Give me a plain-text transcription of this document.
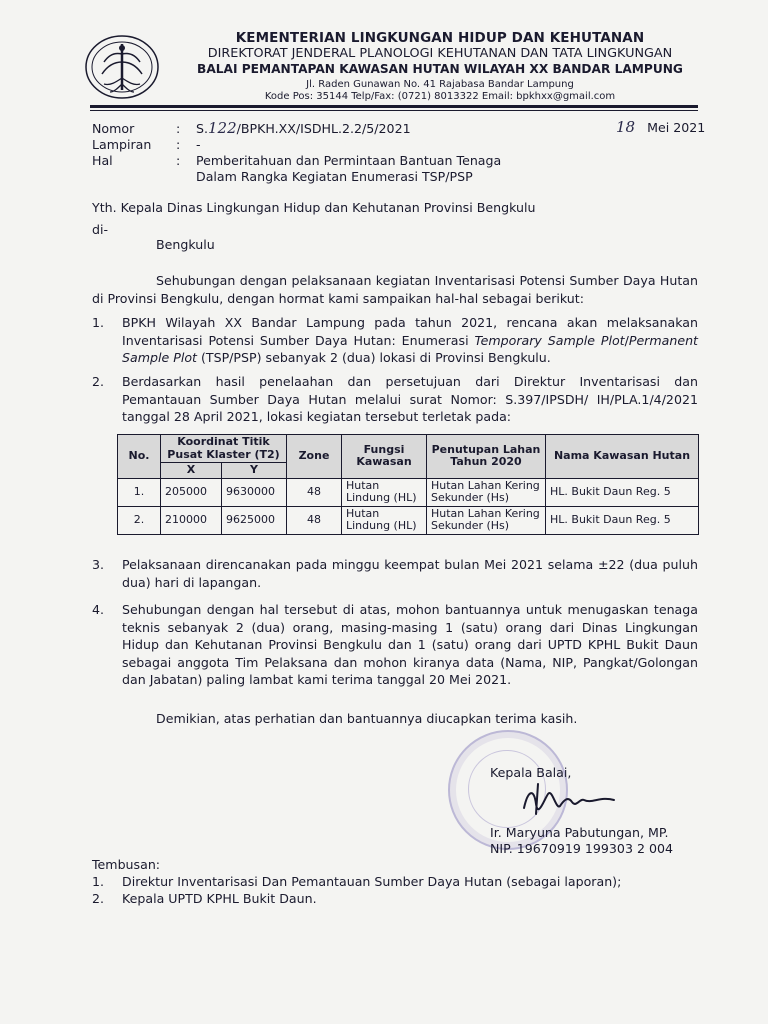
KEMENTERIAN LINGKUNGAN HIDUP DAN KEHUTANAN
DIREKTORAT JENDERAL PLANOLOGI KEHUTANAN DAN TATA LINGKUNGAN
BALAI PEMANTAPAN KAWASAN HUTAN WILAYAH XX BANDAR LAMPUNG
Jl. Raden Gunawan No. 41 Rajabasa Bandar Lampung
Kode Pos: 35144 Telp/Fax: (0721) 8013322 Email: bpkhxx@gmail.com
Nomor	: S.122/BPKH.XX/ISDHL.2.2/5/2021	18 Mei 2021
Lampiran : -
Hal	: Pemberitahuan dan Permintaan Bantuan Tenaga
Dalam Rangka Kegiatan Enumerasi TSP/PSP
Yth. Kepala Dinas Lingkungan Hidup dan Kehutanan Provinsi Bengkulu
di-
Bengkulu
Sehubungan dengan pelaksanaan kegiatan Inventarisasi Potensi Sumber Daya Hutan di Provinsi Bengkulu, dengan hormat kami sampaikan hal-hal sebagai berikut:
1. BPKH Wilayah XX Bandar Lampung pada tahun 2021, rencana akan melaksanakan Inventarisasi Potensi Sumber Daya Hutan: Enumerasi Temporary Sample Plot/Permanent Sample Plot (TSP/PSP) sebanyak 2 (dua) lokasi di Provinsi Bengkulu.
2. Berdasarkan hasil penelaahan dan persetujuan dari Direktur Inventarisasi dan Pemantauan Sumber Daya Hutan melalui surat Nomor: S.397/IPSDH/ IH/PLA.1/4/2021 tanggal 28 April 2021, lokasi kegiatan tersebut terletak pada:
No.	Koordinat Titik Pusat Klaster (T2)		Zone	Fungsi Kawasan	Penutupan Lahan Tahun 2020	Nama Kawasan Hutan
	X	Y				
1.	205000	9630000	48	Hutan Lindung (HL)	Hutan Lahan Kering Sekunder (Hs)	HL. Bukit Daun Reg. 5
2.	210000	9625000	48	Hutan Lindung (HL)	Hutan Lahan Kering Sekunder (Hs)	HL. Bukit Daun Reg. 5
3. Pelaksanaan direncanakan pada minggu keempat bulan Mei 2021 selama ±22 (dua puluh dua) hari di lapangan.
4. Sehubungan dengan hal tersebut di atas, mohon bantuannya untuk menugaskan tenaga teknis sebanyak 2 (dua) orang, masing-masing 1 (satu) orang dari Dinas Lingkungan Hidup dan Kehutanan Provinsi Bengkulu dan 1 (satu) orang dari UPTD KPHL Bukit Daun sebagai anggota Tim Pelaksana dan mohon kiranya data (Nama, NIP, Pangkat/Golongan dan Jabatan) paling lambat kami terima tanggal 20 Mei 2021.
Demikian, atas perhatian dan bantuannya diucapkan terima kasih.
Kepala Balai,
Ir. Maryuna Pabutungan, MP.
NIP. 19670919 199303 2 004
Tembusan:
1. Direktur Inventarisasi Dan Pemantauan Sumber Daya Hutan (sebagai laporan);
2. Kepala UPTD KPHL Bukit Daun.
